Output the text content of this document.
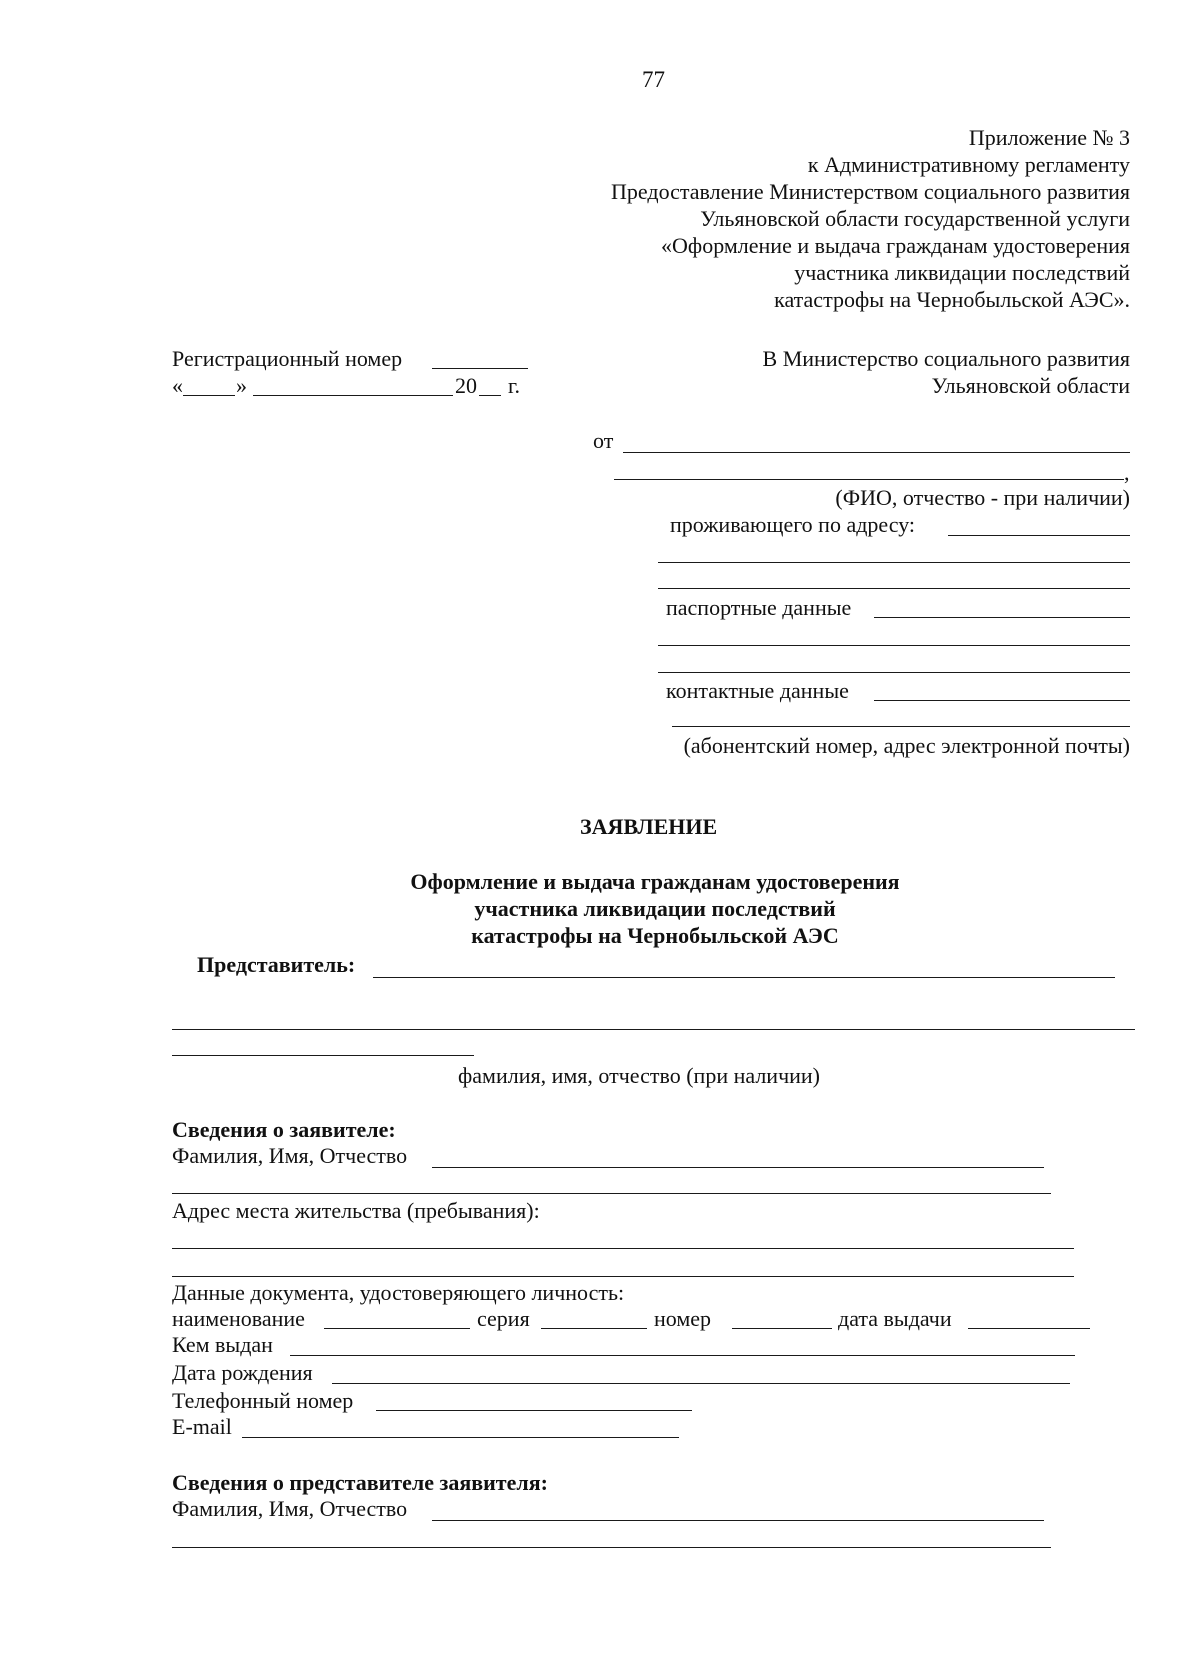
77
Приложение № 3
к Административному регламенту
Предоставление Министерством социального развития
Ульяновской области государственной услуги
«Оформление и выдача гражданам удостоверения
участника ликвидации последствий
катастрофы на Чернобыльской АЭС».
Регистрационный номер
« »	20 г.
В Министерство социального развития
Ульяновской области
от
,
(ФИО, отчество - при наличии)
проживающего по адресу:
паспортные данные
контактные данные
(абонентский номер, адрес электронной почты)
ЗАЯВЛЕНИЕ
Оформление и выдача гражданам удостоверения
участника ликвидации последствий
катастрофы на Чернобыльской АЭС
Представитель:
фамилия, имя, отчество (при наличии)
Сведения о заявителе:
Фамилия, Имя, Отчество
Адрес места жительства (пребывания):
Данные документа, удостоверяющего личность:
наименование	серия	номер	дата выдачи
Кем выдан
Дата рождения
Телефонный номер
E-mail
Сведения о представителе заявителя:
Фамилия, Имя, Отчество
